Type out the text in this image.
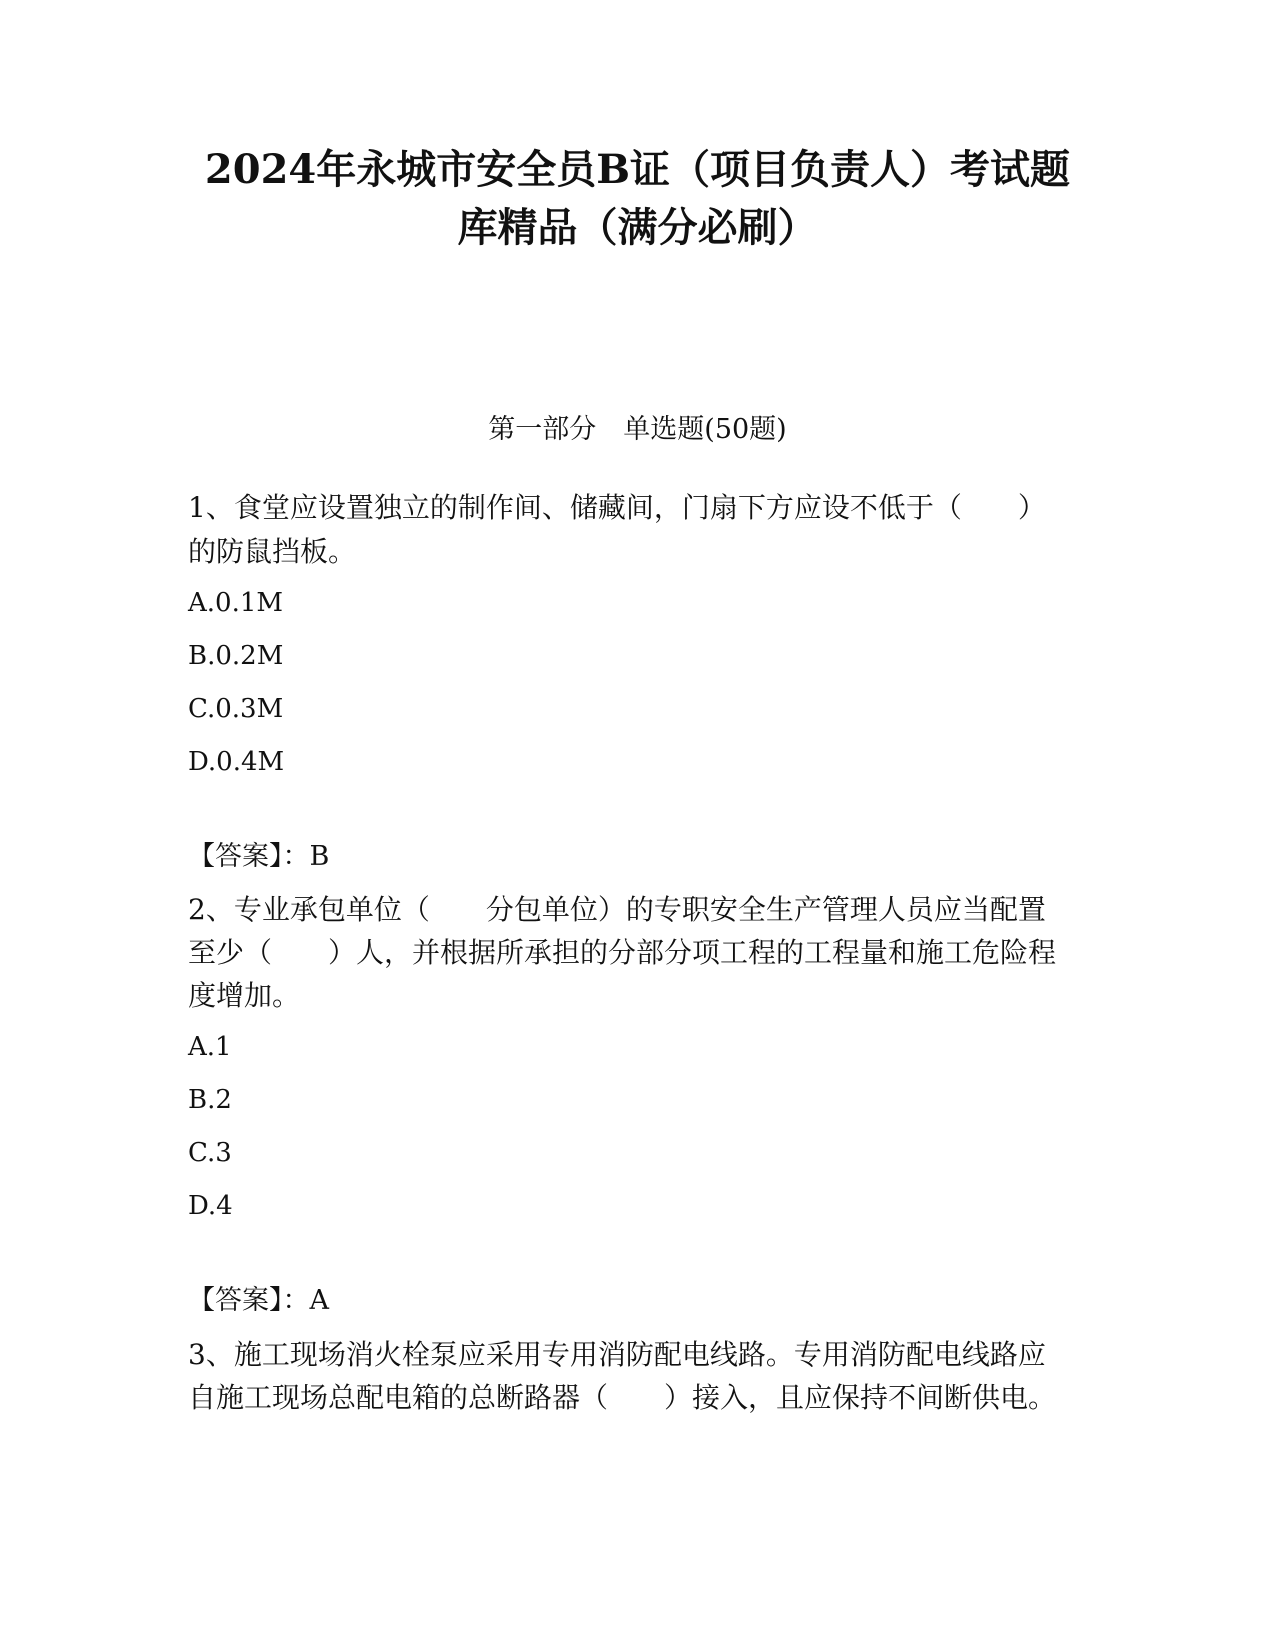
2024年永城市安全员B证（项目负责人）考试题
库精品（满分必刷）
第一部分　单选题(50题)
1、食堂应设置独立的制作间、储藏间，门扇下方应设不低于（　　）
的防鼠挡板。
A.0.1M
B.0.2M
C.0.3M
D.0.4M
【答案】：B
2、专业承包单位（　　分包单位）的专职安全生产管理人员应当配置
至少（　　）人，并根据所承担的分部分项工程的工程量和施工危险程
度增加。
A.1
B.2
C.3
D.4
【答案】：A
3、施工现场消火栓泵应采用专用消防配电线路。专用消防配电线路应
自施工现场总配电箱的总断路器（　　）接入，且应保持不间断供电。
